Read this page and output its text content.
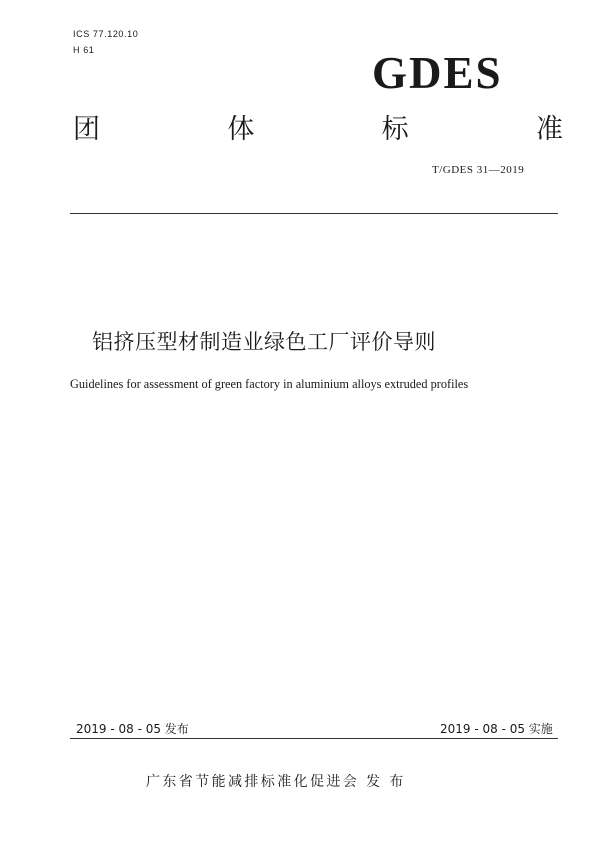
ICS 77.120.10
H 61	GDES
团	体	标	准
T/GDES 31—2019
铝挤压型材制造业绿色工厂评价导则
Guidelines for assessment of green factory in aluminium alloys extruded profiles
2019 - 08 - 05 发布	2019 - 08 - 05 实施
广东省节能减排标准化促进会 发 布
